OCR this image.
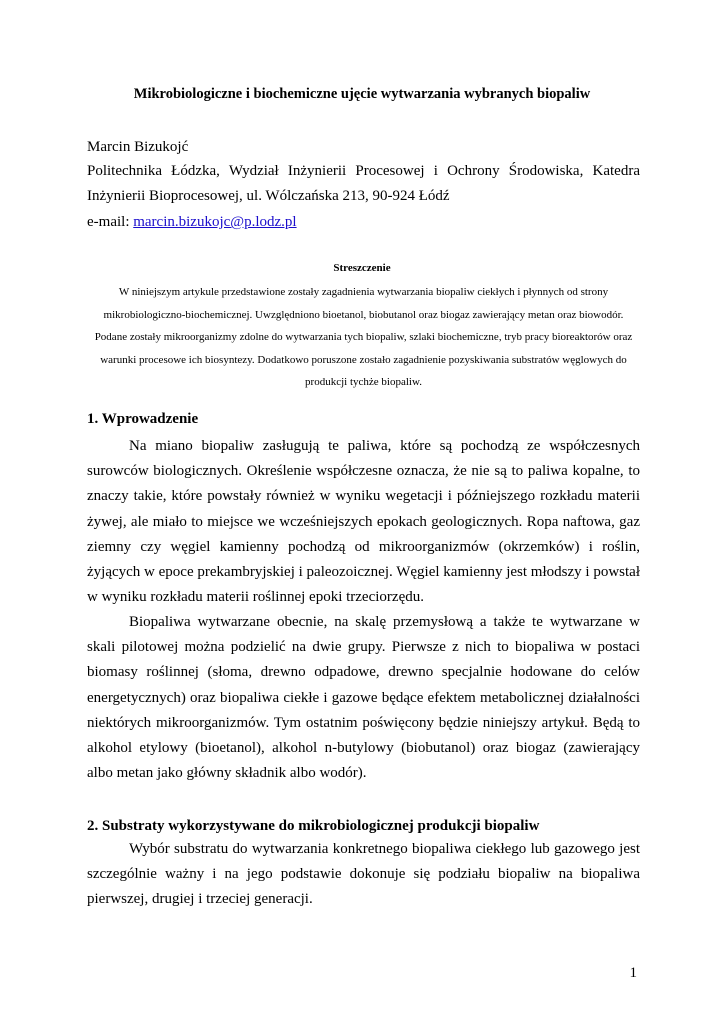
Mikrobiologiczne i biochemiczne ujęcie wytwarzania wybranych biopaliw
Marcin Bizukojć
Politechnika Łódzka, Wydział Inżynierii Procesowej i Ochrony Środowiska, Katedra Inżynierii Bioprocesowej, ul. Wólczańska 213, 90-924 Łódź
e-mail: marcin.bizukojc@p.lodz.pl
Streszczenie
W niniejszym artykule przedstawione zostały zagadnienia wytwarzania biopaliw ciekłych i płynnych od strony mikrobiologiczno-biochemicznej. Uwzględniono bioetanol, biobutanol oraz biogaz zawierający metan oraz biowodór. Podane zostały mikroorganizmy zdolne do wytwarzania tych biopaliw, szlaki biochemiczne, tryb pracy bioreaktorów oraz warunki procesowe ich biosyntezy. Dodatkowo poruszone zostało zagadnienie pozyskiwania substratów węglowych do produkcji tychże biopaliw.
1. Wprowadzenie

Na miano biopaliw zasługują te paliwa, które są pochodzą ze współczesnych surowców biologicznych. Określenie współczesne oznacza, że nie są to paliwa kopalne, to znaczy takie, które powstały również w wyniku wegetacji i późniejszego rozkładu materii żywej, ale miało to miejsce we wcześniejszych epokach geologicznych. Ropa naftowa, gaz ziemny czy węgiel kamienny pochodzą od mikroorganizmów (okrzemków) i roślin, żyjących w epoce prekambryjskiej i paleozoicznej. Węgiel kamienny jest młodszy i powstał w wyniku rozkładu materii roślinnej epoki trzeciorzędu.

Biopaliwa wytwarzane obecnie, na skalę przemysłową a także te wytwarzane w skali pilotowej można podzielić na dwie grupy. Pierwsze z nich to biopaliwa w postaci biomasy roślinnej (słoma, drewno odpadowe, drewno specjalnie hodowane do celów energetycznych) oraz biopaliwa ciekłe i gazowe będące efektem metabolicznej działalności niektórych mikroorganizmów. Tym ostatnim poświęcony będzie niniejszy artykuł. Będą to alkohol etylowy (bioetanol), alkohol n-butylowy (biobutanol) oraz biogaz (zawierający albo metan jako główny składnik albo wodór).

2. Substraty wykorzystywane do mikrobiologicznej produkcji biopaliw

Wybór substratu do wytwarzania konkretnego biopaliwa ciekłego lub gazowego jest szczególnie ważny i na jego podstawie dokonuje się podziału biopaliw na biopaliwa pierwszej, drugiej i trzeciej generacji.

1
